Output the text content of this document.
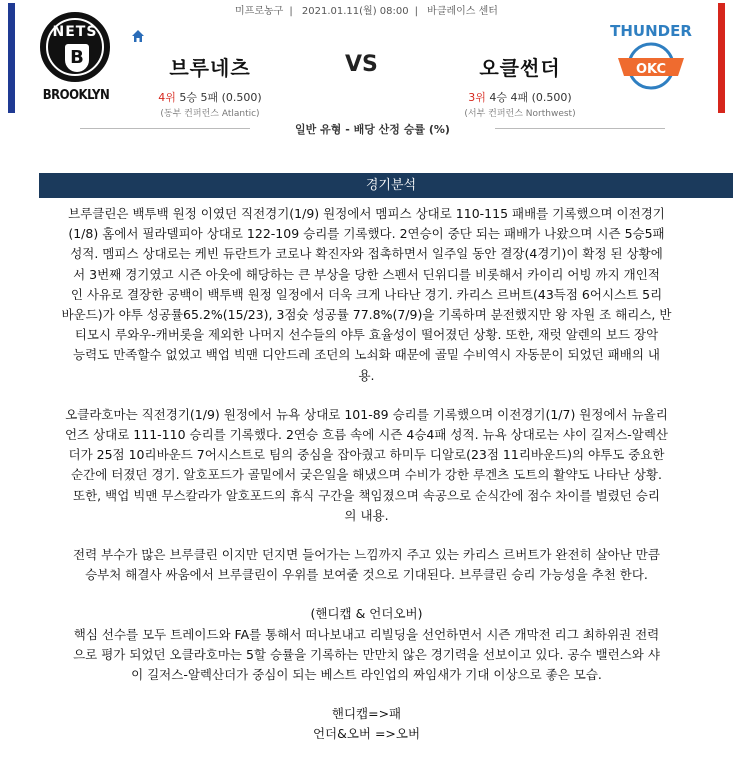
미프로농구 | 2021.01.11(월) 08:00 | 바클레이스 센터
NETS
B
BROOKLYN
브루네츠
4위 5승 5패 (0.500)
(동부 컨퍼런스 Atlantic)
VS	오클썬더
3위 4승 4패 (0.500)
(서부 컨퍼런스 Northwest)
THUNDER
OKC
일반 유형 - 배당 산정 승률 (%)
경기분석
브루클린은 백투백 원정 이였던 직전경기(1/9) 원정에서 멤피스 상대로 110-115 패배를 기록했으며 이전경기
(1/8) 홈에서 필라델피아 상대로 122-109 승리를 기록했다. 2연승이 중단 되는 패배가 나왔으며 시즌 5승5패
성적. 멤피스 상대로는 케빈 듀란트가 코로나 확진자와 접촉하면서 일주일 동안 결장(4경기)이 확정 된 상황에
서 3번째 경기였고 시즌 아웃에 해당하는 큰 부상을 당한 스펜서 딘위디를 비롯해서 카이리 어빙 까지 개인적
인 사유로 결장한 공백이 백투백 원정 일정에서 더욱 크게 나타난 경기. 카리스 르버트(43득점 6어시스트 5리
바운드)가 야투 성공률65.2%(15/23), 3점슛 성공률 77.8%(7/9)을 기록하며 분전했지만 왕 자원 조 해리스, 반
티모시 루와우-캐버롯을 제외한 나머지 선수들의 야투 효율성이 떨어졌던 상황. 또한, 재럿 알렌의 보드 장악
능력도 만족할수 없었고 백업 빅맨 디안드레 조던의 노쇠화 때문에 골밑 수비역시 자동문이 되었던 패배의 내
용.
오클라호마는 직전경기(1/9) 원정에서 뉴욕 상대로 101-89 승리를 기록했으며 이전경기(1/7) 원정에서 뉴올리
언즈 상대로 111-110 승리를 기록했다. 2연승 흐름 속에 시즌 4승4패 성적. 뉴욕 상대로는 샤이 길저스-알렉산
더가 25점 10리바운드 7어시스트로 팀의 중심을 잡아줬고 하미두 디알로(23점 11리바운드)의 야투도 중요한
순간에 터졌던 경기. 알호포드가 골밑에서 궂은일을 해냈으며 수비가 강한 루겐츠 도트의 활약도 나타난 상황.
또한, 백업 빅맨 무스칼라가 알호포드의 휴식 구간을 책임졌으며 속공으로 순식간에 점수 차이를 벌렸던 승리
의 내용.
전력 부수가 많은 브루클린 이지만 던지면 들어가는 느낌까지 주고 있는 카리스 르버트가 완전히 살아난 만큼
승부처 해결사 싸움에서 브루클린이 우위를 보여줄 것으로 기대된다. 브루클린 승리 가능성을 추천 한다.
(핸디캡 & 언더오버)
핵심 선수를 모두 트레이드와 FA를 통해서 떠나보내고 리빌딩을 선언하면서 시즌 개막전 리그 최하위권 전력
으로 평가 되었던 오클라호마는 5할 승률을 기록하는 만만치 않은 경기력을 선보이고 있다. 공수 밸런스와 샤
이 길저스-알렉산더가 중심이 되는 베스트 라인업의 짜임새가 기대 이상으로 좋은 모습.
핸디캡=>패
언더&오버 =>오버
